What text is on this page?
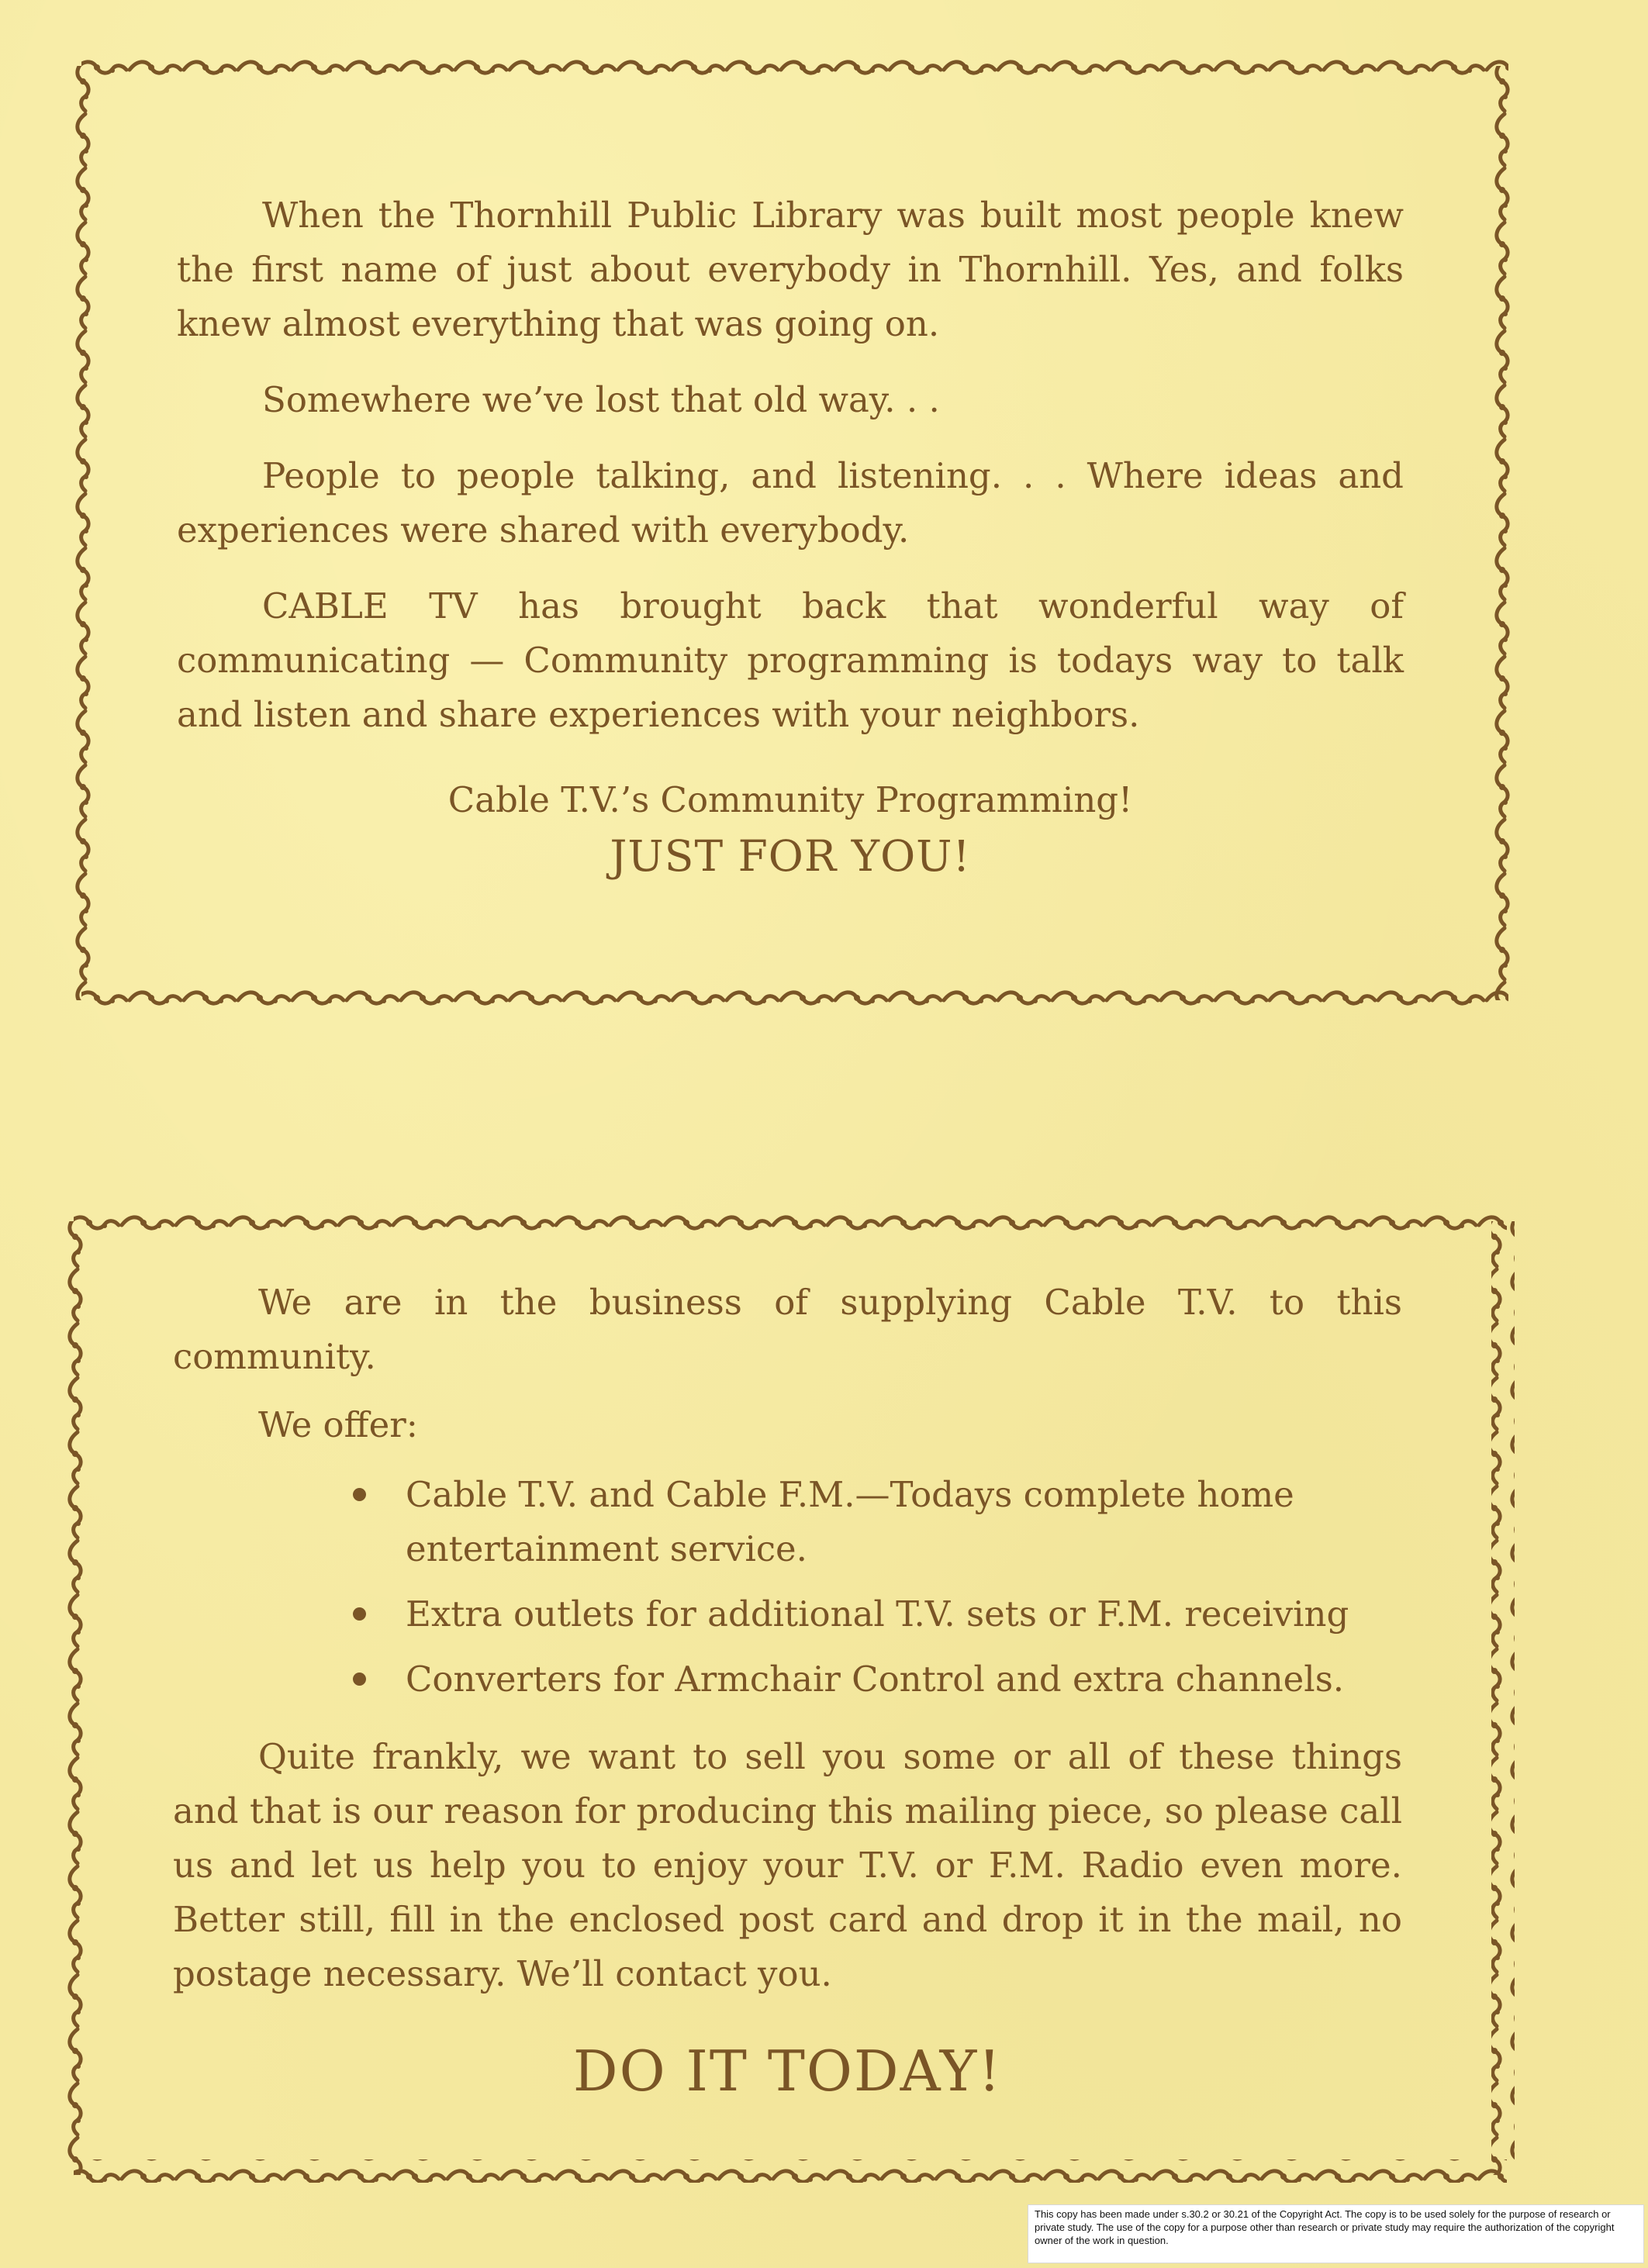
When the Thornhill Public Library was built most people knew the first name of just about everybody in Thornhill. Yes, and folks knew almost everything that was going on.

Somewhere we’ve lost that old way. . .

People to people talking, and listening. . . Where ideas and experiences were shared with everybody.

CABLE TV has brought back that wonderful way of communicating — Community programming is todays way to talk and listen and share experiences with your neighbors.

Cable T.V.’s Community Programming!

JUST FOR YOU!

We are in the business of supplying Cable T.V. to this community.

We offer:

Cable T.V. and Cable F.M.—Todays complete home entertainment service.
Extra outlets for additional T.V. sets or F.M. receiving
Converters for Armchair Control and extra channels.

Quite frankly, we want to sell you some or all of these things and that is our reason for producing this mailing piece, so please call us and let us help you to enjoy your T.V. or F.M. Radio even more. Better still, fill in the enclosed post card and drop it in the mail, no postage necessary. We’ll contact you.

DO IT TODAY!

This copy has been made under s.30.2 or 30.21 of the Copyright Act. The copy is to be used solely for the purpose of research or private study. The use of the copy for a purpose other than research or private study may require the authorization of the copyright owner of the work in question.
